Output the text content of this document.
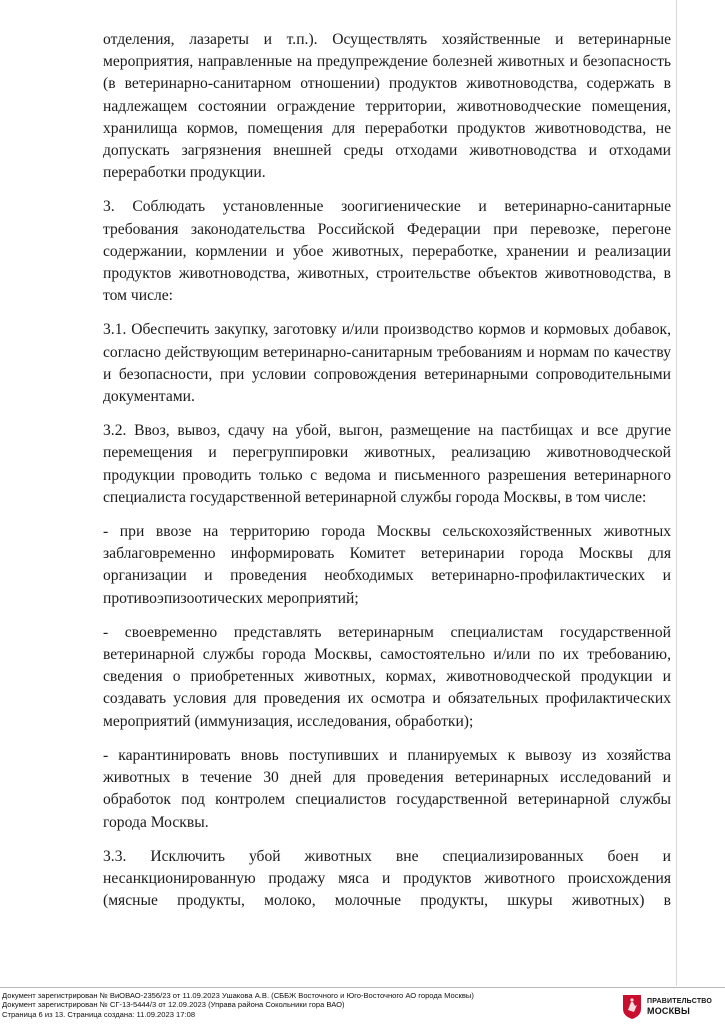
отделения, лазареты и т.п.). Осуществлять хозяйственные и ветеринарные мероприятия, направленные на предупреждение болезней животных и безопасность (в ветеринарно-санитарном отношении) продуктов животноводства, содержать в надлежащем состоянии ограждение территории, животноводческие помещения, хранилища кормов, помещения для переработки продуктов животноводства, не допускать загрязнения внешней среды отходами животноводства и отходами переработки продукции.

3. Соблюдать установленные зоогигиенические и ветеринарно-санитарные требования законодательства Российской Федерации при перевозке, перегоне содержании, кормлении и убое животных, переработке, хранении и реализации продуктов животноводства, животных, строительстве объектов животноводства, в том числе:

3.1. Обеспечить закупку, заготовку и/или производство кормов и кормовых добавок, согласно действующим ветеринарно-санитарным требованиям и нормам по качеству и безопасности, при условии сопровождения ветеринарными сопроводительными документами.

3.2. Ввоз, вывоз, сдачу на убой, выгон, размещение на пастбищах и все другие перемещения и перегруппировки животных, реализацию животноводческой продукции проводить только с ведома и письменного разрешения ветеринарного специалиста государственной ветеринарной службы города Москвы, в том числе:

- при ввозе на территорию города Москвы сельскохозяйственных животных заблаговременно информировать Комитет ветеринарии города Москвы для организации и проведения необходимых ветеринарно-профилактических и противоэпизоотических мероприятий;

- своевременно представлять ветеринарным специалистам государственной ветеринарной службы города Москвы, самостоятельно и/или по их требованию, сведения о приобретенных животных, кормах, животноводческой продукции и создавать условия для проведения их осмотра и обязательных профилактических мероприятий (иммунизация, исследования, обработки);

- карантинировать вновь поступивших и планируемых к вывозу из хозяйства животных в течение 30 дней для проведения ветеринарных исследований и обработок под контролем специалистов государственной ветеринарной службы города Москвы.

3.3. Исключить убой животных вне специализированных боен и несанкционированную продажу мяса и продуктов животного происхождения (мясные продукты, молоко, молочные продукты, шкуры животных) в

Документ зарегистрирован № ВиОВАО-2356/23 от 11.09.2023 Ушакова А.В. (СББЖ Восточного и Юго-Восточного АО города Москвы)
Документ зарегистрирован № СГ-13-5444/3 от 12.09.2023 (Управа района Сокольники гора ВАО)
Страница 6 из 13. Страница создана: 11.09.2023 17:08
ПРАВИТЕЛЬСТВО
МОСКВЫ
